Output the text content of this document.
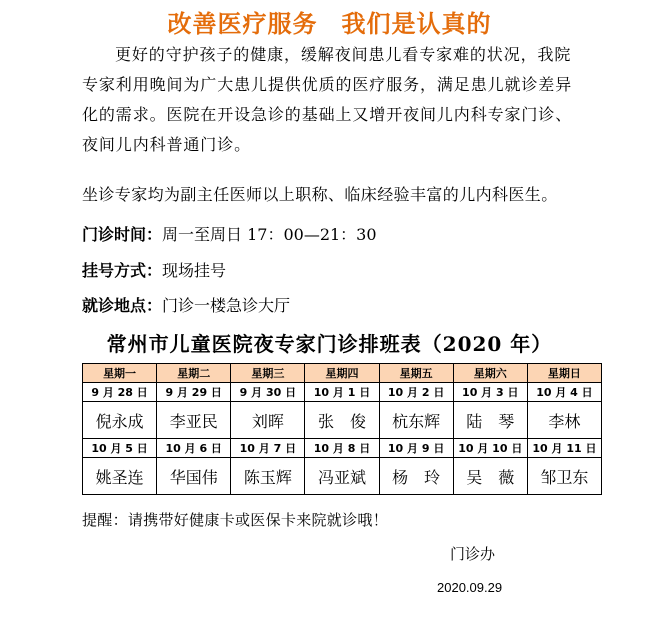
改善医疗服务 我们是认真的
更好的守护孩子的健康，缓解夜间患儿看专家难的状况，我院专家利用晚间为广大患儿提供优质的医疗服务，满足患儿就诊差异化的需求。医院在开设急诊的基础上又增开夜间儿内科专家门诊、夜间儿内科普通门诊。
坐诊专家均为副主任医师以上职称、临床经验丰富的儿内科医生。
门诊时间：周一至周日 17：00—21：30
挂号方式：现场挂号
就诊地点：门诊一楼急诊大厅
常州市儿童医院夜专家门诊排班表（2020 年）
星期一	星期二	星期三	星期四	星期五	星期六	星期日
9 月 28 日	9 月 29 日	9 月 30 日	10 月 1 日	10 月 2 日	10 月 3 日	10 月 4 日
倪永成	李亚民	刘晖	张　俊	杭东辉	陆　琴	李林
10 月 5 日	10 月 6 日	10 月 7 日	10 月 8 日	10 月 9 日	10 月 10 日	10 月 11 日
姚圣连	华国伟	陈玉辉	冯亚斌	杨　玲	吴　薇	邹卫东
提醒：请携带好健康卡或医保卡来院就诊哦！
门诊办
2020.09.29
